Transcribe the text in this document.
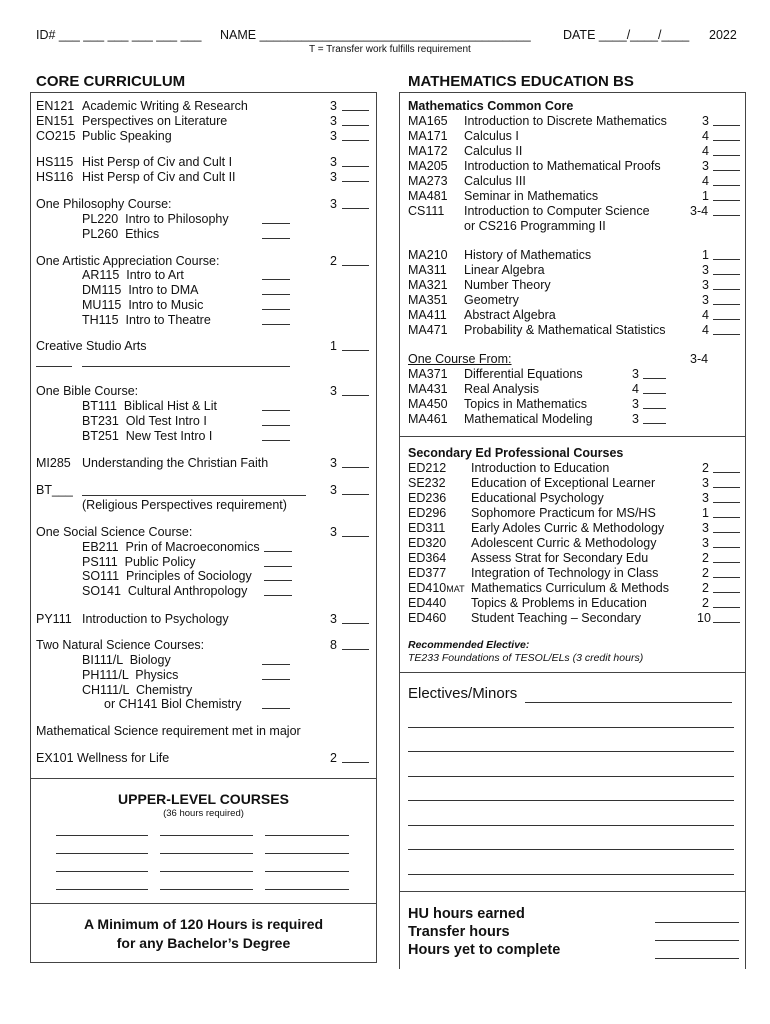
ID# ___ ___ ___ ___ ___ ___ NAME _______________________________________	DATE ____/____/____ 2022
T = Transfer work fulfills requirement
CORE CURRICULUM
EN121 Academic Writing & Research	3
EN151 Perspectives on Literature	3
CO215 Public Speaking	3
HS115 Hist Persp of Civ and Cult I	3
HS116 Hist Persp of Civ and Cult II	3
One Philosophy Course:	3
PL220  Intro to Philosophy
PL260  Ethics
One Artistic Appreciation Course:	2
AR115  Intro to Art
DM115  Intro to DMA
MU115  Intro to Music
TH115  Intro to Theatre
Creative Studio Arts	1
One Bible Course:	3
BT111  Biblical Hist & Lit
BT231  Old Test Intro I
BT251  New Test Intro I
MI285 Understanding the Christian Faith	3
BT___	3
(Religious Perspectives requirement)
One Social Science Course:	3
EB211  Prin of Macroeconomics
PS111  Public Policy
SO111  Principles of Sociology
SO141  Cultural Anthropology
PY111 Introduction to Psychology	3
Two Natural Science Courses:	8
BI111/L  Biology
PH111/L  Physics
CH111/L  Chemistry
or CH141 Biol Chemistry
Mathematical Science requirement met in major
EX101 Wellness for Life	2
UPPER-LEVEL COURSES
(36 hours required)
A Minimum of 120 Hours is required
for any Bachelor’s Degree
MATHEMATICS EDUCATION BS
Mathematics Common Core
MA165 Introduction to Discrete Mathematics	3
MA171 Calculus I	4
MA172 Calculus II	4
MA205 Introduction to Mathematical Proofs	3
MA273 Calculus III	4
MA481 Seminar in Mathematics	1
CS111 Introduction to Computer Science	3-4
or CS216 Programming II
MA210 History of Mathematics	1
MA311 Linear Algebra	3
MA321 Number Theory	3
MA351 Geometry	3
MA411 Abstract Algebra	4
MA471 Probability & Mathematical Statistics	4
One Course From:	3-4
MA371 Differential Equations	3
MA431 Real Analysis	4
MA450 Topics in Mathematics	3
MA461 Mathematical Modeling	3
Secondary Ed Professional Courses
ED212 Introduction to Education	2
SE232 Education of Exceptional Learner	3
ED236 Educational Psychology	3
ED296 Sophomore Practicum for MS/HS	1
ED311 Early Adoles Curric & Methodology	3
ED320 Adolescent Curric & Methodology	3
ED364 Assess Strat for Secondary Edu	2
ED377 Integration of Technology in Class	2
ED410MAT Mathematics Curriculum & Methods	2
ED440 Topics & Problems in Education	2
ED460 Student Teaching – Secondary	10
Recommended Elective:
TE233 Foundations of TESOL/ELs (3 credit hours)
Electives/Minors
HU hours earned
Transfer hours
Hours yet to complete
